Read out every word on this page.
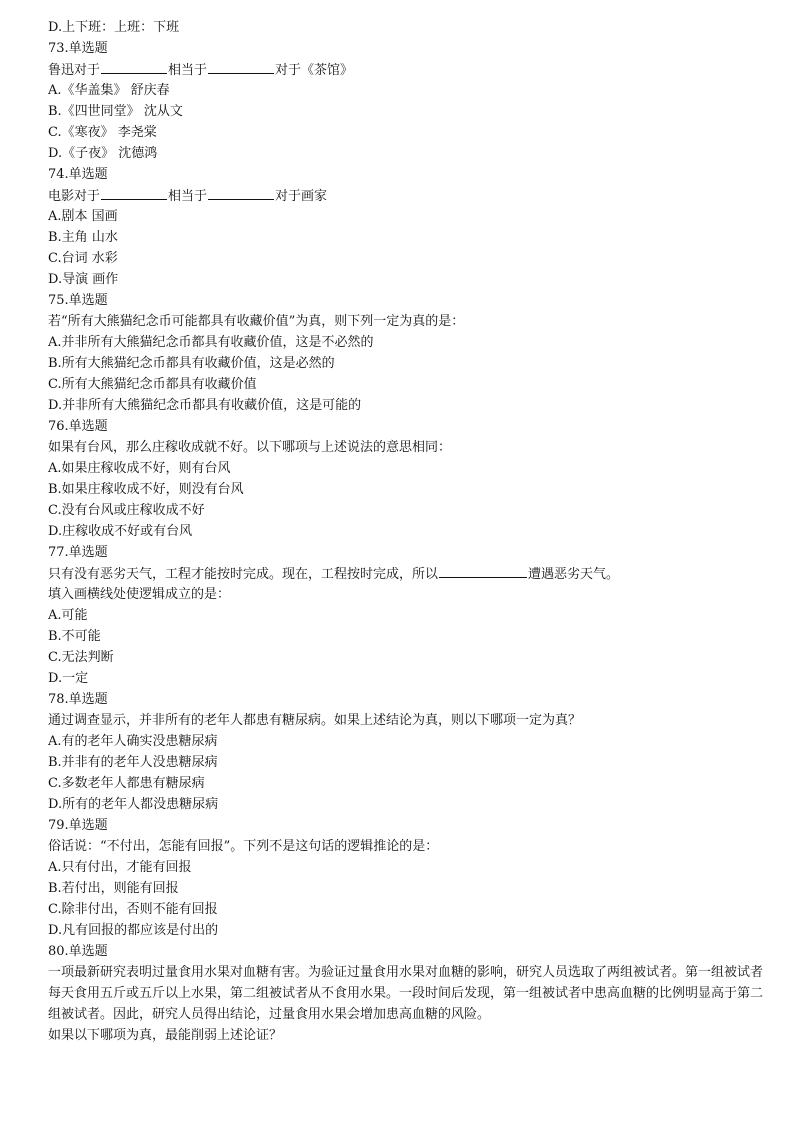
D.上下班：上班：下班
73.单选题
鲁迅对于	相当于	对于《茶馆》
A.《华盖集》 舒庆春
B.《四世同堂》 沈从文
C.《寒夜》 李尧棠
D.《子夜》 沈德鸿
74.单选题
电影对于	相当于	对于画家
A.剧本 国画
B.主角 山水
C.台词 水彩
D.导演 画作
75.单选题
若“所有大熊猫纪念币可能都具有收藏价值”为真，则下列一定为真的是：
A.并非所有大熊猫纪念币都具有收藏价值，这是不必然的
B.所有大熊猫纪念币都具有收藏价值，这是必然的
C.所有大熊猫纪念币都具有收藏价值
D.并非所有大熊猫纪念币都具有收藏价值，这是可能的
76.单选题
如果有台风，那么庄稼收成就不好。以下哪项与上述说法的意思相同：
A.如果庄稼收成不好，则有台风
B.如果庄稼收成不好，则没有台风
C.没有台风或庄稼收成不好
D.庄稼收成不好或有台风
77.单选题
只有没有恶劣天气，工程才能按时完成。现在，工程按时完成，所以	遭遇恶劣天气。
填入画横线处使逻辑成立的是：
A.可能
B.不可能
C.无法判断
D.一定
78.单选题
通过调查显示，并非所有的老年人都患有糖尿病。如果上述结论为真，则以下哪项一定为真？
A.有的老年人确实没患糖尿病
B.并非有的老年人没患糖尿病
C.多数老年人都患有糖尿病
D.所有的老年人都没患糖尿病
79.单选题
俗话说：“不付出，怎能有回报”。下列不是这句话的逻辑推论的是：
A.只有付出，才能有回报
B.若付出，则能有回报
C.除非付出，否则不能有回报
D.凡有回报的都应该是付出的
80.单选题
一项最新研究表明过量食用水果对血糖有害。为验证过量食用水果对血糖的影响，研究人员选取了两组被试者。第一组被试者每天食用五斤或五斤以上水果，第二组被试者从不食用水果。一段时间后发现，第一组被试者中患高血糖的比例明显高于第二组被试者。因此，研究人员得出结论，过量食用水果会增加患高血糖的风险。
如果以下哪项为真，最能削弱上述论证？
